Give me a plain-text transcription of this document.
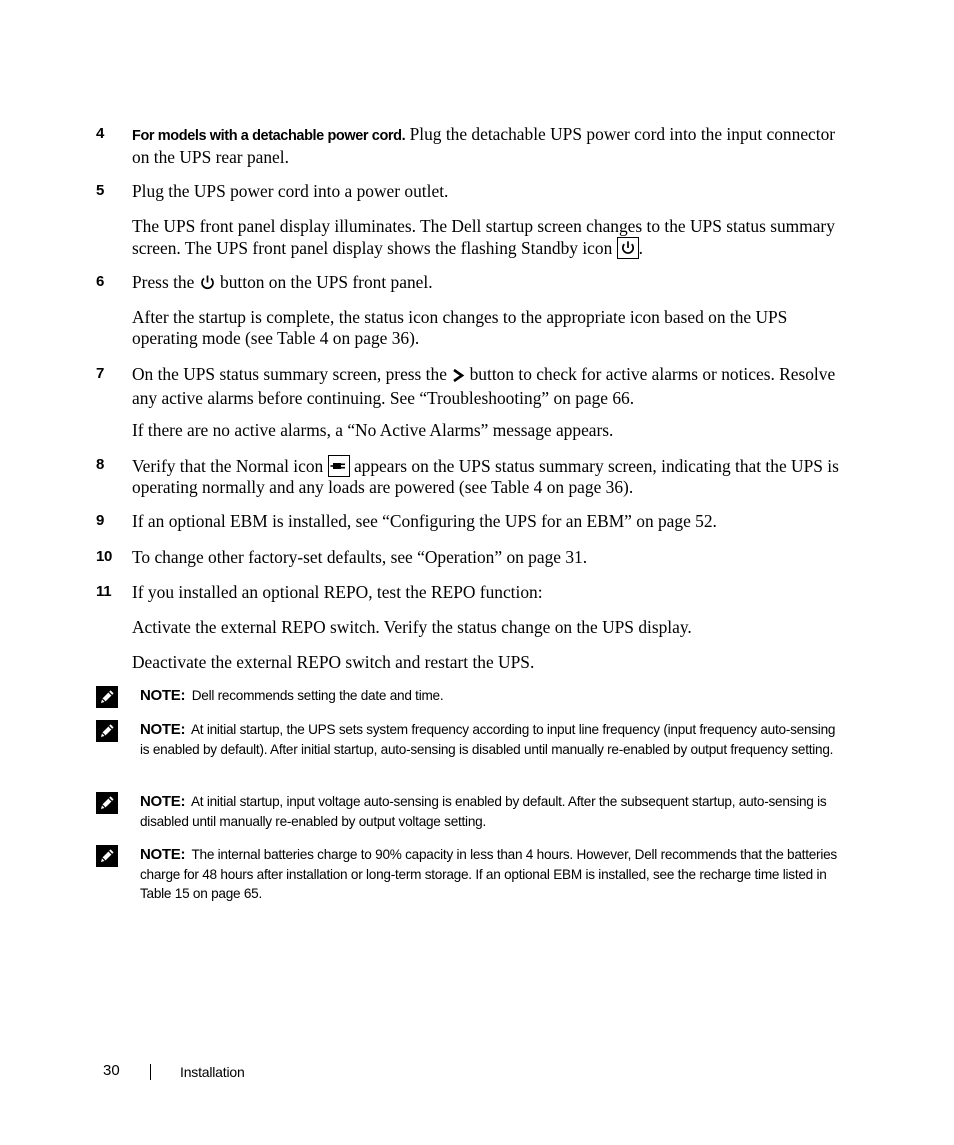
4 For models with a detachable power cord. Plug the detachable UPS power cord into the input connector on the UPS rear panel.
5 Plug the UPS power cord into a power outlet.
The UPS front panel display illuminates. The Dell startup screen changes to the UPS status summary screen. The UPS front panel display shows the flashing Standby icon .
6 Press the  button on the UPS front panel.
After the startup is complete, the status icon changes to the appropriate icon based on the UPS operating mode (see Table 4 on page 36).
7 On the UPS status summary screen, press the  button to check for active alarms or notices. Resolve any active alarms before continuing. See “Troubleshooting” on page 66.
If there are no active alarms, a “No Active Alarms” message appears.
8 Verify that the Normal icon
appears on the UPS status summary screen, indicating that the UPS is operating normally and any loads are powered (see Table 4 on page 36).
9 If an optional EBM is installed, see “Configuring the UPS for an EBM” on page 52.
10 To change other factory-set defaults, see “Operation” on page 31.
11 If you installed an optional REPO, test the REPO function:
Activate the external REPO switch. Verify the status change on the UPS display.
Deactivate the external REPO switch and restart the UPS.
NOTE: Dell recommends setting the date and time.
NOTE: At initial startup, the UPS sets system frequency according to input line frequency (input frequency auto-sensing is enabled by default). After initial startup, auto-sensing is disabled until manually re-enabled by output frequency setting.
NOTE: At initial startup, input voltage auto-sensing is enabled by default. After the subsequent startup, auto-sensing is disabled until manually re-enabled by output voltage setting.
NOTE: The internal batteries charge to 90% capacity in less than 4 hours. However, Dell recommends that the batteries charge for 48 hours after installation or long-term storage. If an optional EBM is installed, see the recharge time listed in Table 15 on page 65.
30	Installation
